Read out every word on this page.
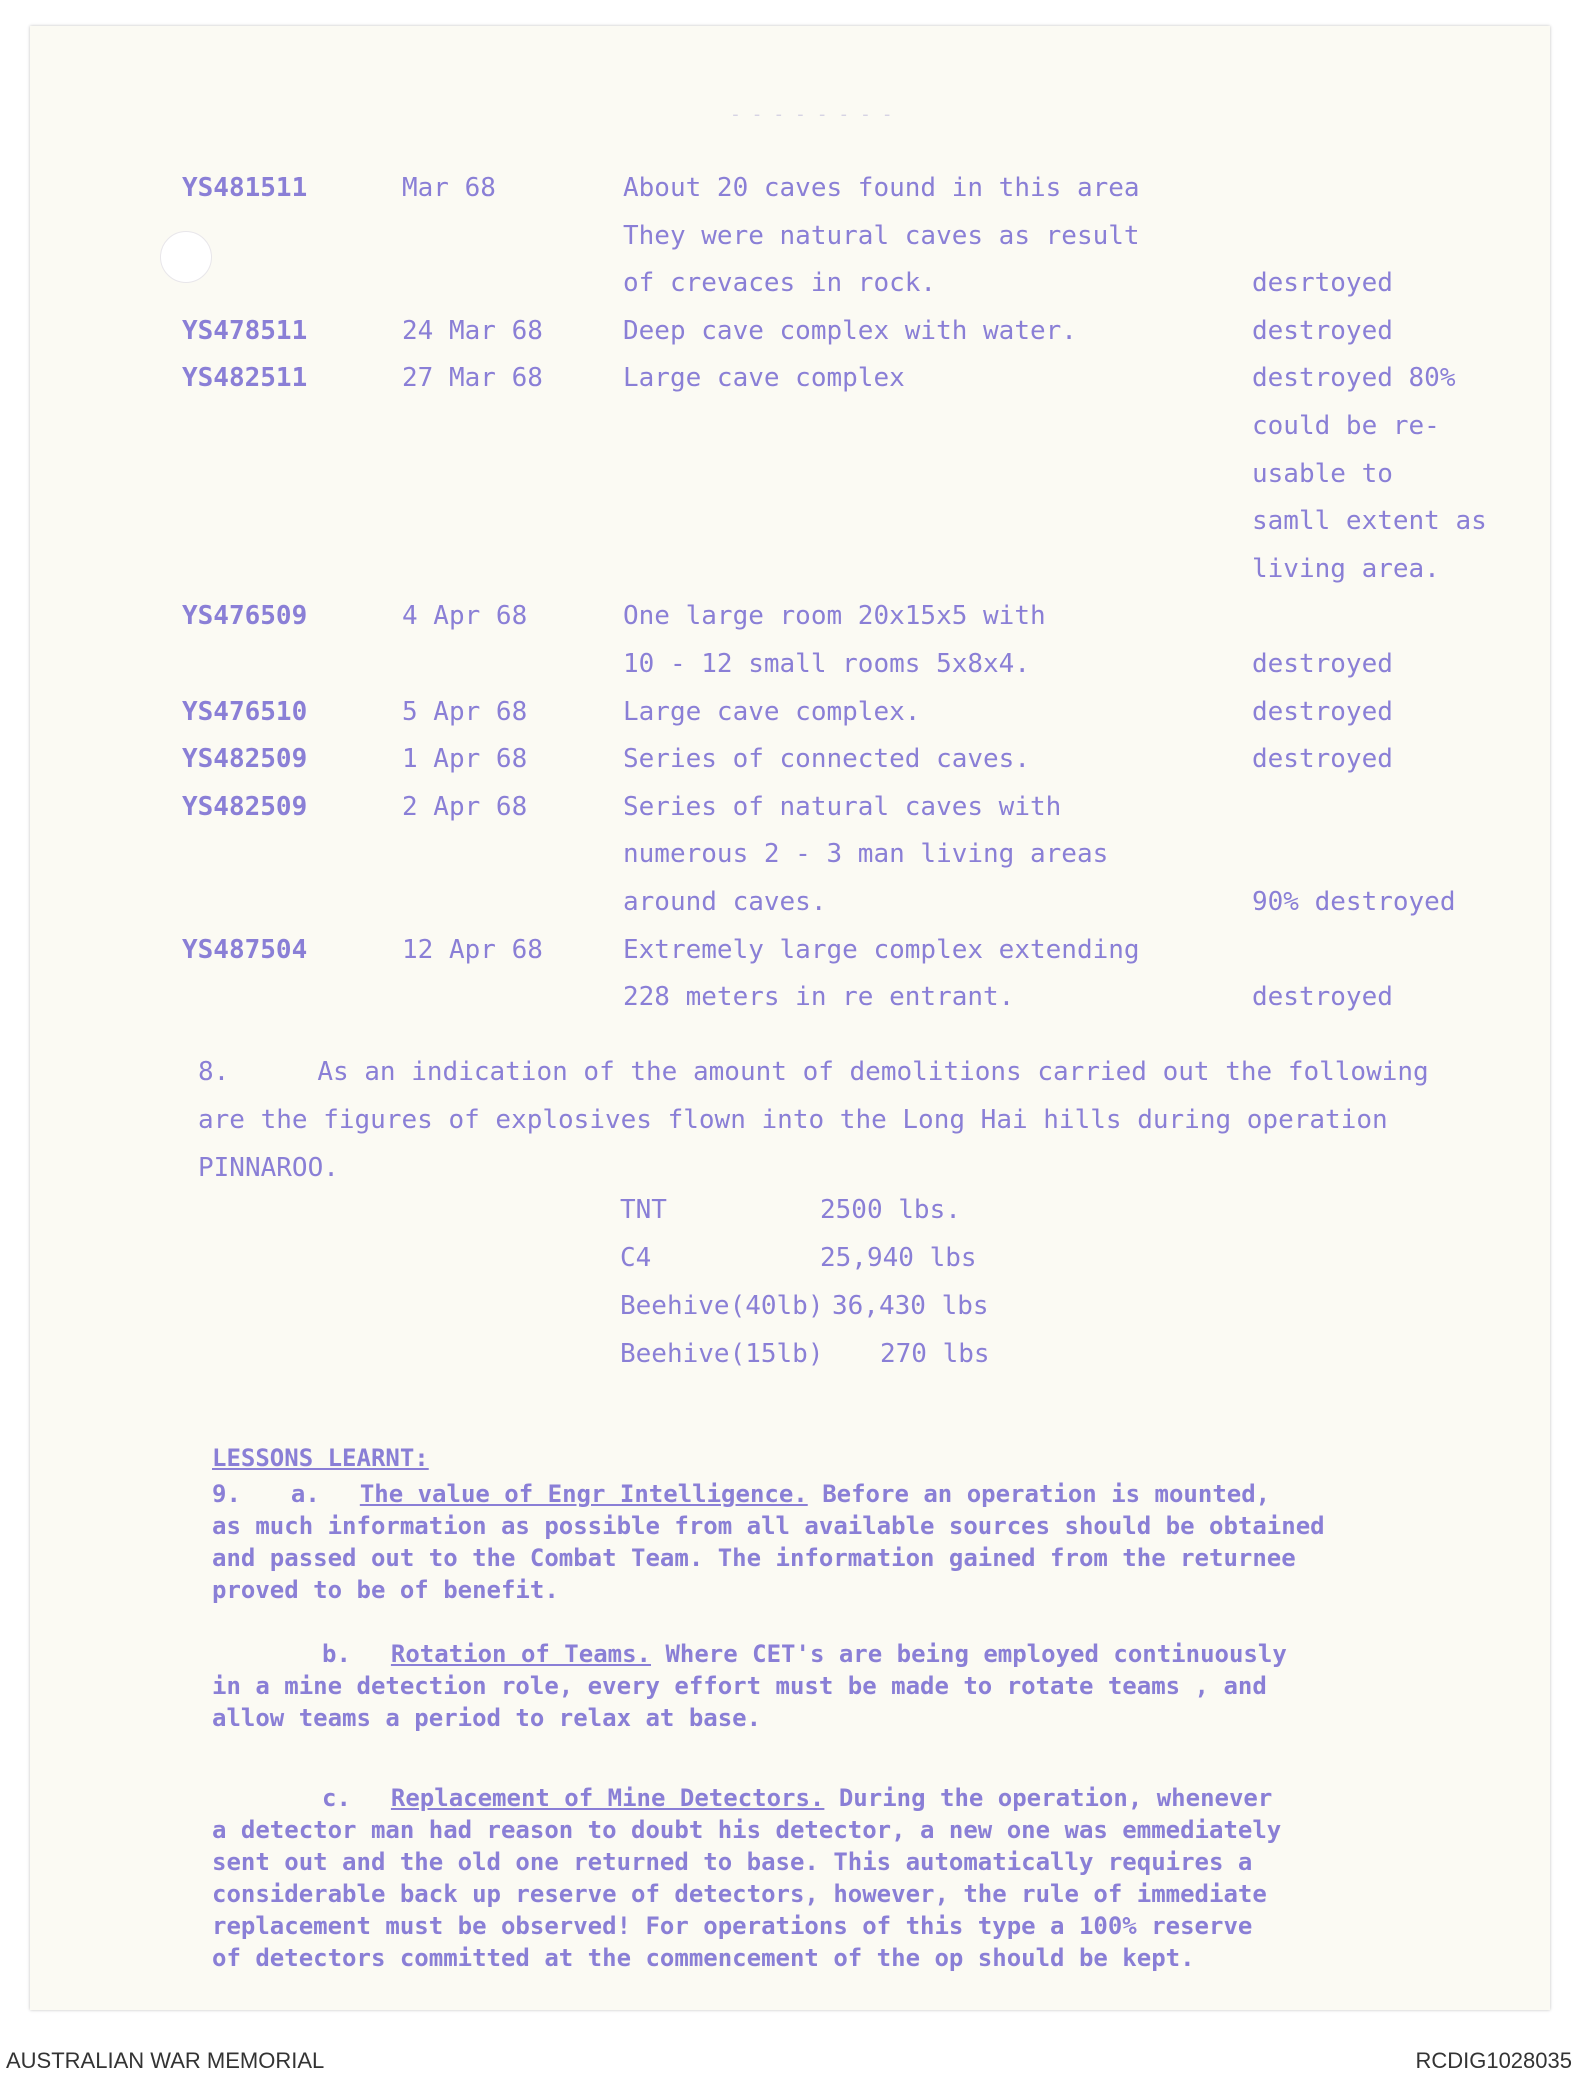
- - - - - - - -
YS481511	Mar 68	About 20 caves found in this area
They were natural caves as result
of crevaces in rock.	desrtoyed
YS478511	24 Mar 68	Deep cave complex with water.	destroyed
YS482511	27 Mar 68	Large cave complex	destroyed 80%
could be re-
usable to
samll extent as
living area.
YS476509	4 Apr 68	One large room 20x15x5 with
10 - 12 small rooms 5x8x4.	destroyed
YS476510	5 Apr 68	Large cave complex.	destroyed
YS482509	1 Apr 68	Series of connected caves.	destroyed
YS482509	2 Apr 68	Series of natural caves with
numerous 2 - 3 man living areas
around caves.	90% destroyed
YS487504	12 Apr 68	Extremely large complex extending
228 meters in re entrant.	destroyed
8.	As an indication of the amount of demolitions carried out the following
are the figures of explosives flown into the Long Hai hills during operation
PINNAROO.
TNT	2500 lbs.
C4	25,940 lbs
Beehive(40lb) 36,430 lbs
Beehive(15lb) 270 lbs
LESSONS LEARNT:
9. a. The value of Engr Intelligence. Before an operation is mounted,
as much information as possible from all available sources should be obtained
and passed out to the Combat Team. The information gained from the returnee
proved to be of benefit.
b. Rotation of Teams. Where CET's are being employed continuously
in a mine detection role, every effort must be made to rotate teams , and
allow teams a period to relax at base.
c. Replacement of Mine Detectors. During the operation, whenever
a detector man had reason to doubt his detector, a new one was emmediately
sent out and the old one returned to base. This automatically requires a
considerable back up reserve of detectors, however, the rule of immediate
replacement must be observed! For operations of this type a 100% reserve
of detectors committed at the commencement of the op should be kept.
AUSTRALIAN WAR MEMORIAL	RCDIG1028035
